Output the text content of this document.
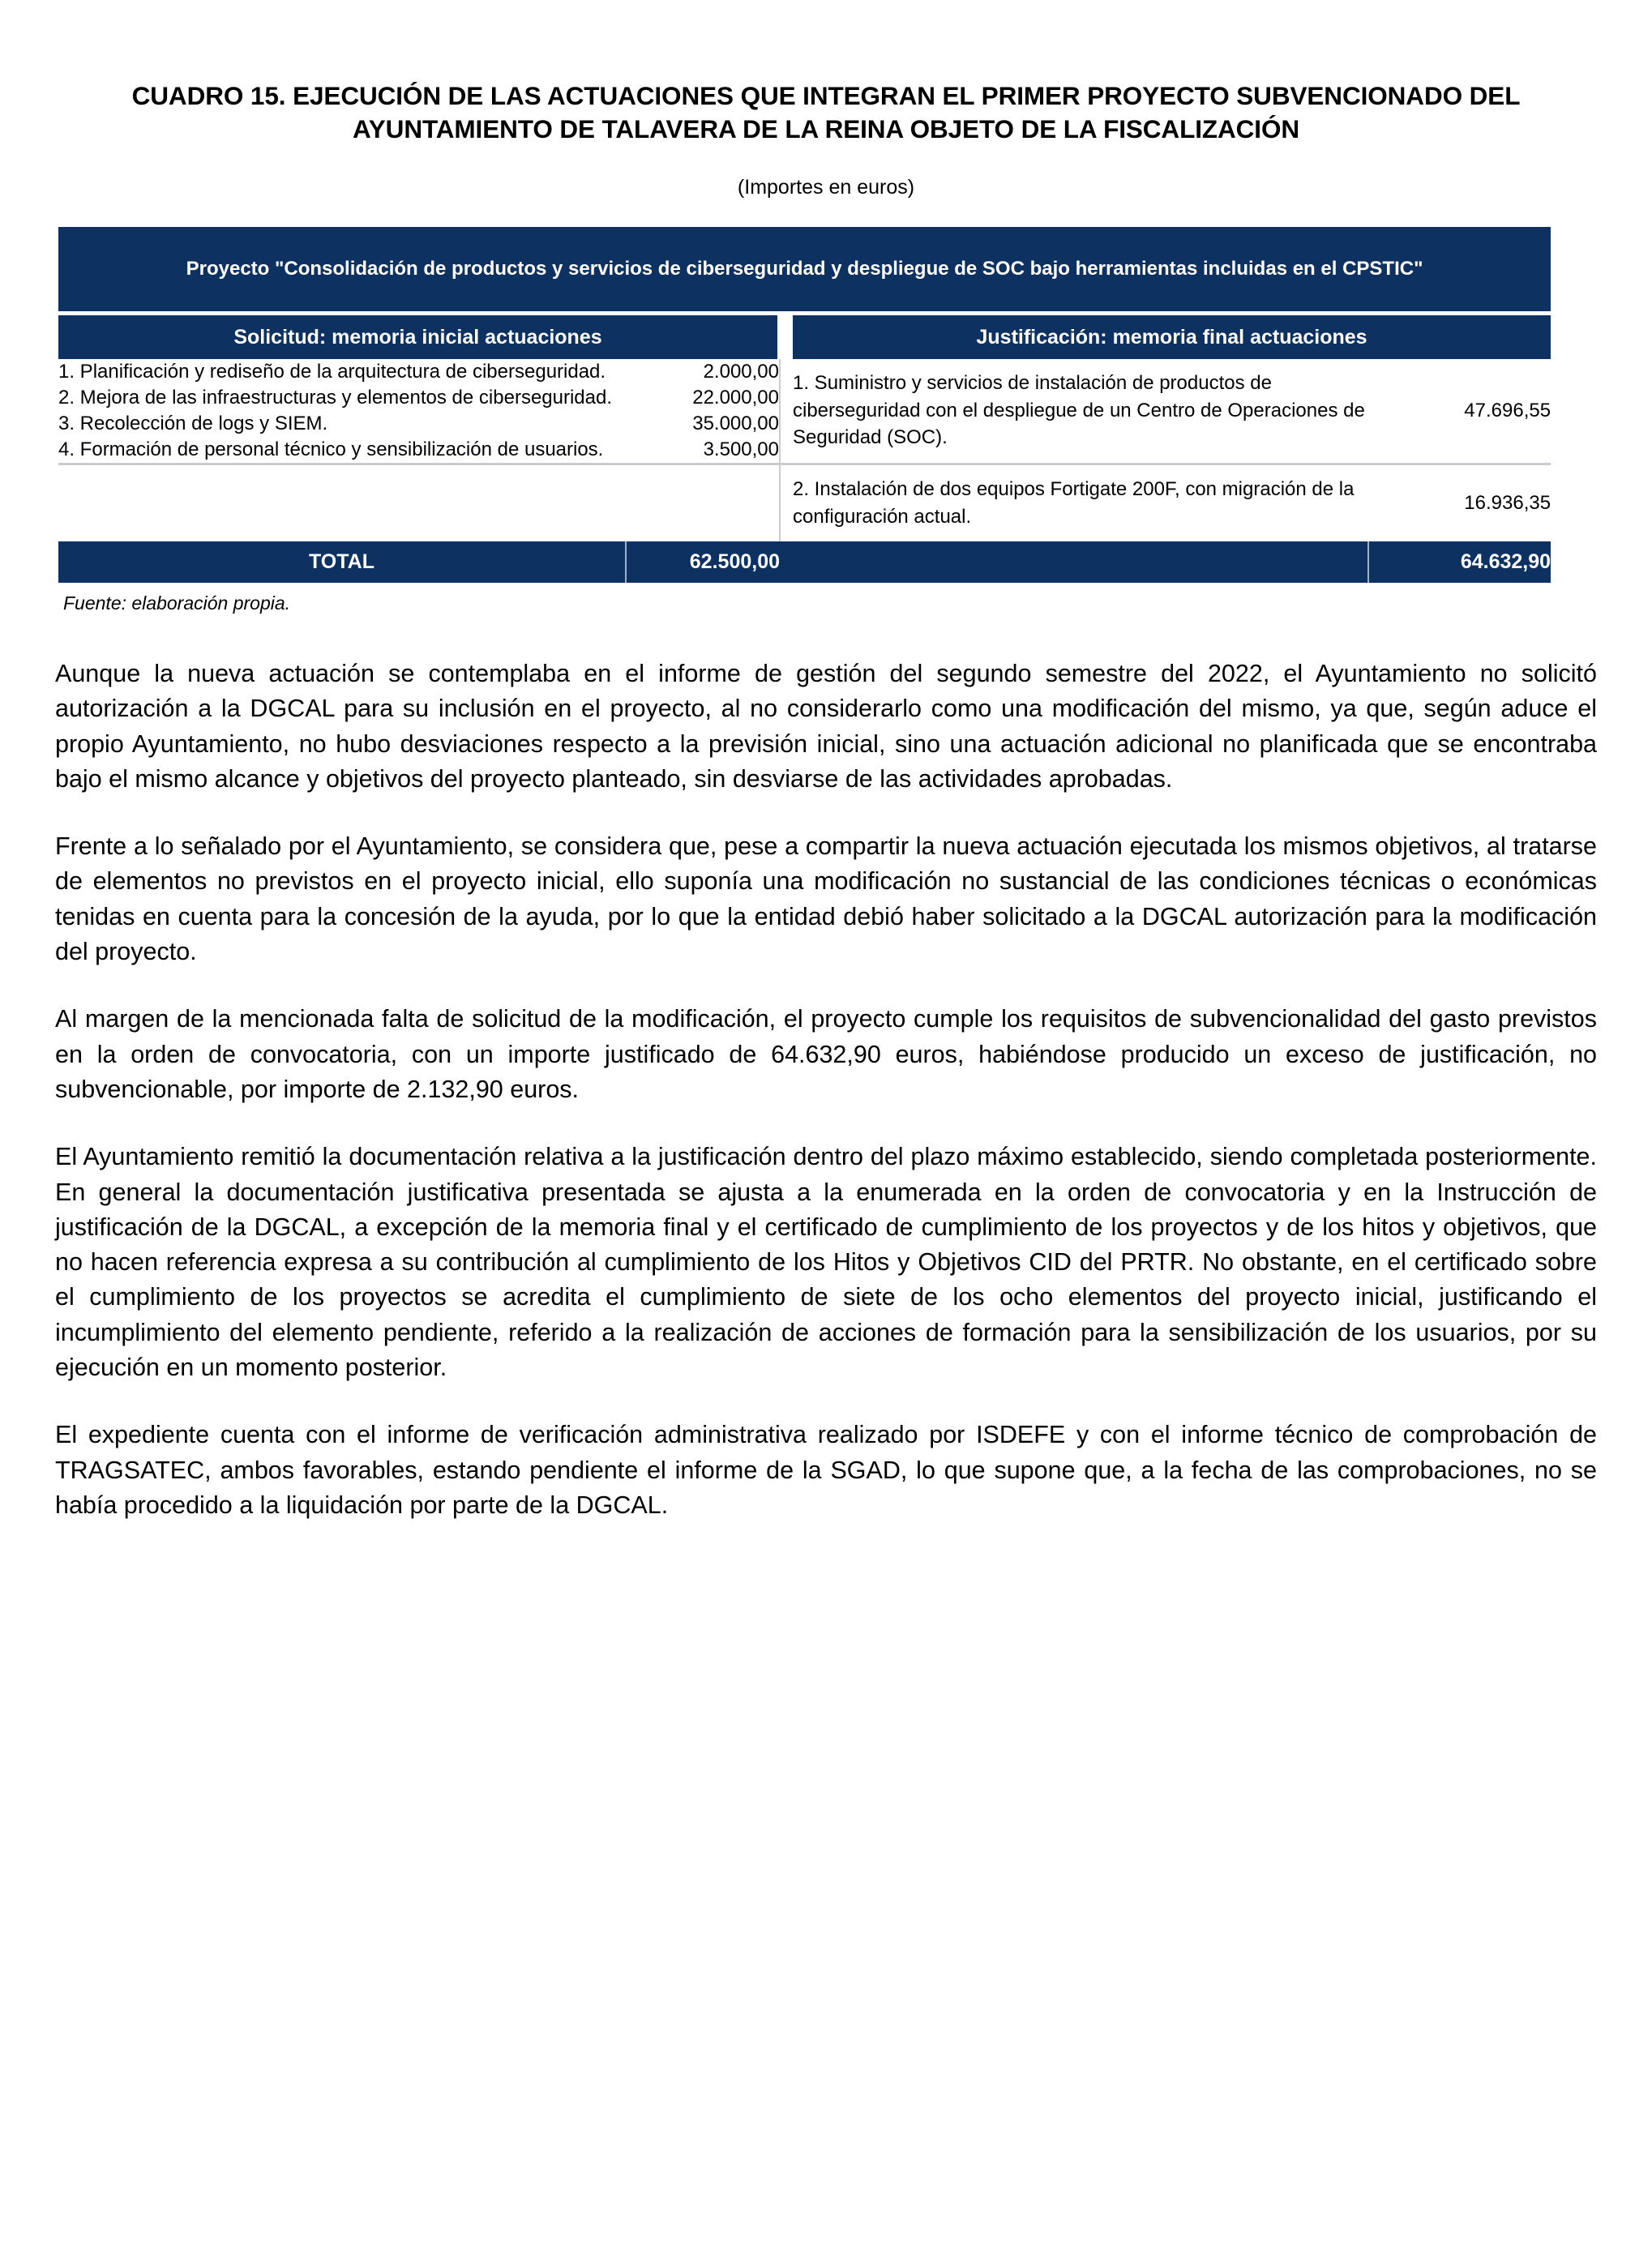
CUADRO 15. EJECUCIÓN DE LAS ACTUACIONES QUE INTEGRAN EL PRIMER PROYECTO SUBVENCIONADO DEL AYUNTAMIENTO DE TALAVERA DE LA REINA OBJETO DE LA FISCALIZACIÓN
(Importes en euros)
Proyecto "Consolidación de productos y servicios de ciberseguridad y despliegue de SOC bajo herramientas incluidas en el CPSTIC"				
Solicitud: memoria inicial actuaciones			Justificación: memoria final actuaciones	
1. Planificación y rediseño de la arquitectura de ciberseguridad.	2.000,00		1. Suministro y servicios de instalación de productos de ciberseguridad con el despliegue de un Centro de Operaciones de Seguridad (SOC).	47.696,55
2. Mejora de las infraestructuras y elementos de ciberseguridad.	22.000,00			
3. Recolección de logs y SIEM.	35.000,00			
4. Formación de personal técnico y sensibilización de usuarios.	3.500,00			
			2. Instalación de dos equipos Fortigate 200F, con migración de la configuración actual.	16.936,35
TOTAL	62.500,00			64.632,90
Fuente: elaboración propia.

Aunque la nueva actuación se contemplaba en el informe de gestión del segundo semestre del 2022, el Ayuntamiento no solicitó autorización a la DGCAL para su inclusión en el proyecto, al no considerarlo como una modificación del mismo, ya que, según aduce el propio Ayuntamiento, no hubo desviaciones respecto a la previsión inicial, sino una actuación adicional no planificada que se encontraba bajo el mismo alcance y objetivos del proyecto planteado, sin desviarse de las actividades aprobadas.

Frente a lo señalado por el Ayuntamiento, se considera que, pese a compartir la nueva actuación ejecutada los mismos objetivos, al tratarse de elementos no previstos en el proyecto inicial, ello suponía una modificación no sustancial de las condiciones técnicas o económicas tenidas en cuenta para la concesión de la ayuda, por lo que la entidad debió haber solicitado a la DGCAL autorización para la modificación del proyecto.

Al margen de la mencionada falta de solicitud de la modificación, el proyecto cumple los requisitos de subvencionalidad del gasto previstos en la orden de convocatoria, con un importe justificado de 64.632,90 euros, habiéndose producido un exceso de justificación, no subvencionable, por importe de 2.132,90 euros.

El Ayuntamiento remitió la documentación relativa a la justificación dentro del plazo máximo establecido, siendo completada posteriormente. En general la documentación justificativa presentada se ajusta a la enumerada en la orden de convocatoria y en la Instrucción de justificación de la DGCAL, a excepción de la memoria final y el certificado de cumplimiento de los proyectos y de los hitos y objetivos, que no hacen referencia expresa a su contribución al cumplimiento de los Hitos y Objetivos CID del PRTR. No obstante, en el certificado sobre el cumplimiento de los proyectos se acredita el cumplimiento de siete de los ocho elementos del proyecto inicial, justificando el incumplimiento del elemento pendiente, referido a la realización de acciones de formación para la sensibilización de los usuarios, por su ejecución en un momento posterior.

El expediente cuenta con el informe de verificación administrativa realizado por ISDEFE y con el informe técnico de comprobación de TRAGSATEC, ambos favorables, estando pendiente el informe de la SGAD, lo que supone que, a la fecha de las comprobaciones, no se había procedido a la liquidación por parte de la DGCAL.
